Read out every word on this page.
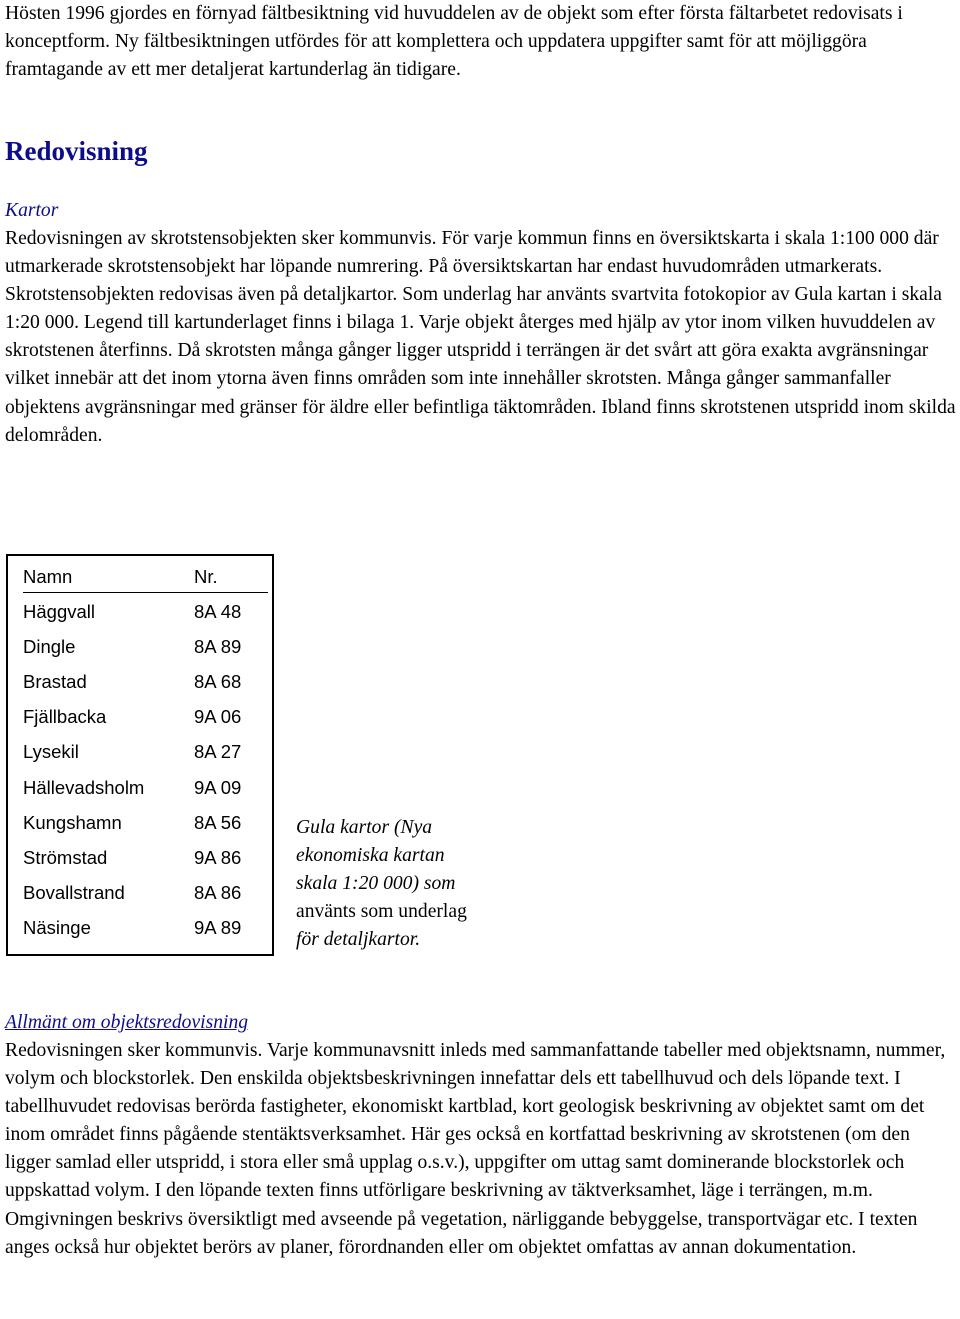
Hösten 1996 gjordes en förnyad fältbesiktning vid huvuddelen av de objekt som efter första fältarbetet redovisats i konceptform. Ny fältbesiktningen utfördes för att komplettera och uppdatera uppgifter samt för att möjliggöra framtagande av ett mer detaljerat kartunderlag än tidigare.

Redovisning
Kartor

Redovisningen av skrotstensobjekten sker kommunvis. För varje kommun finns en översiktskarta i skala 1:100 000 där utmarkerade skrotstensobjekt har löpande numrering. På översiktskartan har endast huvudområden utmarkerats. Skrotstensobjekten redovisas även på detaljkartor. Som underlag har använts svartvita fotokopior av Gula kartan i skala 1:20 000. Legend till kartunderlaget finns i bilaga 1. Varje objekt återges med hjälp av ytor inom vilken huvuddelen av skrotstenen återfinns. Då skrotsten många gånger ligger utspridd i terrängen är det svårt att göra exakta avgränsningar vilket innebär att det inom ytorna även finns områden som inte innehåller skrotsten. Många gånger sammanfaller objektens avgränsningar med gränser för äldre eller befintliga täktområden. Ibland finns skrotstenen utspridd inom skilda delområden.

Namn	Nr.
Häggvall	8A 48
Dingle	8A 89
Brastad	8A 68
Fjällbacka	9A 06
Lysekil	8A 27
Hällevadsholm	9A 09
Kungshamn	8A 56
Strömstad	9A 86
Bovallstrand	8A 86
Näsinge	9A 89
Gula kartor (Nya
ekonomiska kartan
skala 1:20 000) som
använts som underlag
för detaljkartor.
Allmänt om objektsredovisning

Redovisningen sker kommunvis. Varje kommunavsnitt inleds med sammanfattande tabeller med objektsnamn, nummer, volym och blockstorlek. Den enskilda objektsbeskrivningen innefattar dels ett tabellhuvud och dels löpande text. I tabellhuvudet redovisas berörda fastigheter, ekonomiskt kartblad, kort geologisk beskrivning av objektet samt om det inom området finns pågående stentäktsverksamhet. Här ges också en kortfattad beskrivning av skrotstenen (om den ligger samlad eller utspridd, i stora eller små upplag o.s.v.), uppgifter om uttag samt dominerande blockstorlek och uppskattad volym. I den löpande texten finns utförligare beskrivning av täktverksamhet, läge i terrängen, m.m. Omgivningen beskrivs översiktligt med avseende på vegetation, närliggande bebyggelse, transportvägar etc. I texten anges också hur objektet berörs av planer, förordnanden eller om objektet omfattas av annan dokumentation.
